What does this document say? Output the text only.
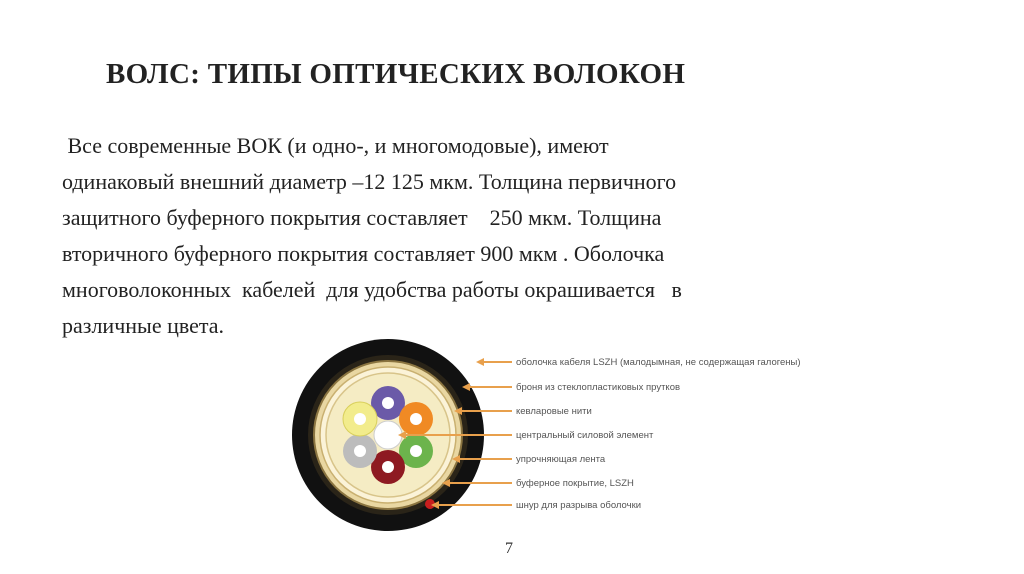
ВОЛС: ТИПЫ ОПТИЧЕСКИХ ВОЛОКОН
Все современные ВОК (и одно-, и многомодовые), имеют
одинаковый внешний диаметр –12 125 мкм. Толщина первичного
защитного буферного покрытия составляет    250 мкм. Толщина
вторичного буферного покрытия составляет 900 мкм . Оболочка
многоволоконных  кабелей  для удобства работы окрашивается   в
различные цвета.
оболочка кабеля LSZH (малодымная, не содержащая галогены)
броня из стеклопластиковых прутков
кевларовые нити
центральный силовой элемент
упрочняющая лента
буферное покрытие, LSZH
шнур для разрыва оболочки
7
